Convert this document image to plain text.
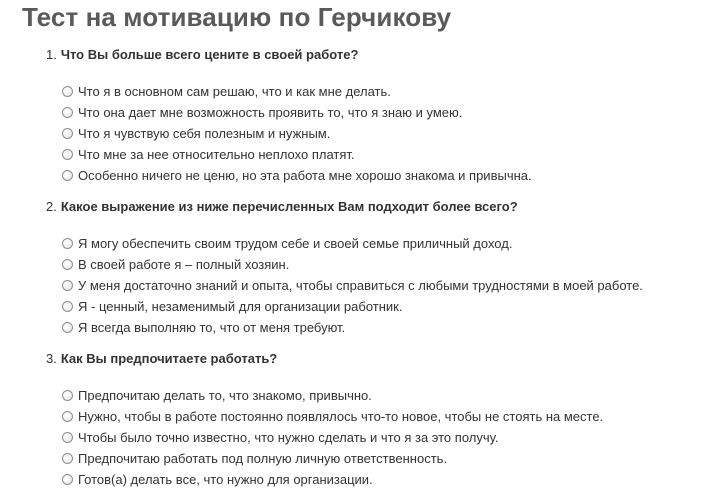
Тест на мотивацию по Герчикову
1. Что Вы больше всего цените в своей работе?
Что я в основном сам решаю, что и как мне делать.
Что она дает мне возможность проявить то, что я знаю и умею.
Что я чувствую себя полезным и нужным.
Что мне за нее относительно неплохо платят.
Особенно ничего не ценю, но эта работа мне хорошо знакома и привычна.
2. Какое выражение из ниже перечисленных Вам подходит более всего?
Я могу обеспечить своим трудом себе и своей семье приличный доход.
В своей работе я – полный хозяин.
У меня достаточно знаний и опыта, чтобы справиться с любыми трудностями в моей работе.
Я - ценный, незаменимый для организации работник.
Я всегда выполняю то, что от меня требуют.
3. Как Вы предпочитаете работать?
Предпочитаю делать то, что знакомо, привычно.
Нужно, чтобы в работе постоянно появлялось что-то новое, чтобы не стоять на месте.
Чтобы было точно известно, что нужно сделать и что я за это получу.
Предпочитаю работать под полную личную ответственность.
Готов(а) делать все, что нужно для организации.
